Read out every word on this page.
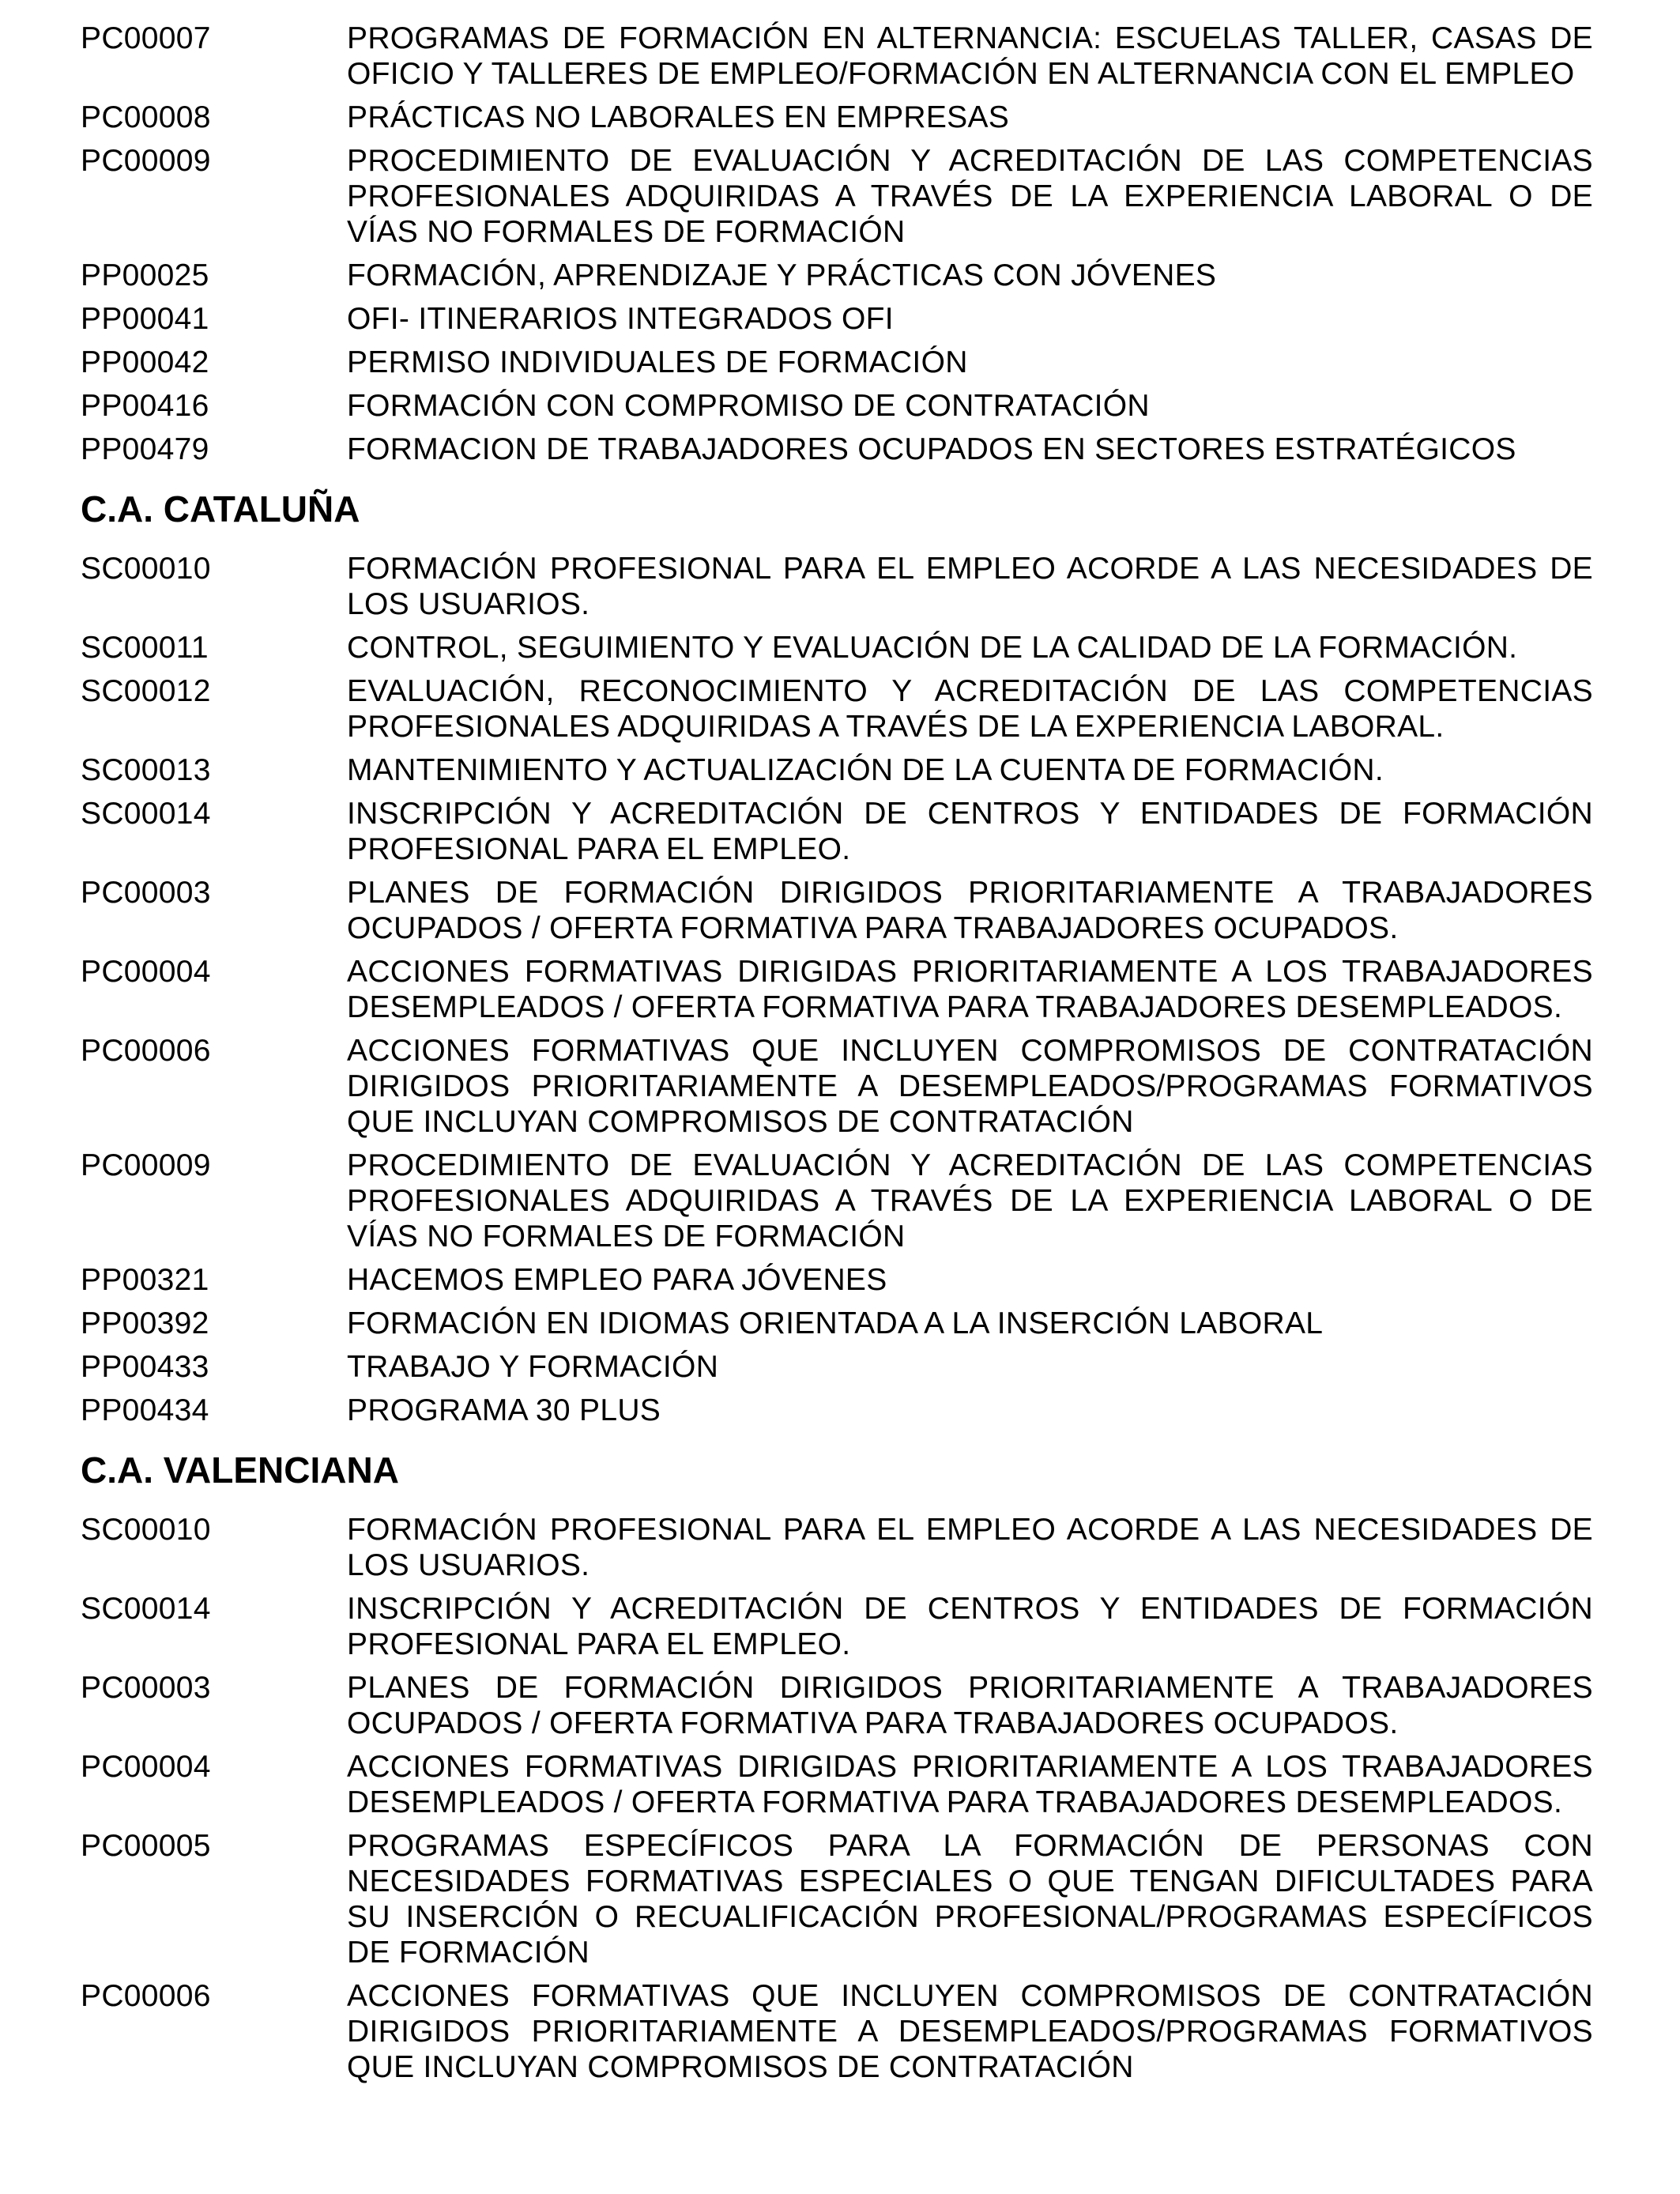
PC00007	PROGRAMAS DE FORMACIÓN EN ALTERNANCIA: ESCUELAS TALLER, CASAS DE OFICIO Y TALLERES DE EMPLEO/FORMACIÓN EN ALTERNANCIA CON EL EMPLEO
PC00008	PRÁCTICAS NO LABORALES EN EMPRESAS
PC00009	PROCEDIMIENTO DE EVALUACIÓN Y ACREDITACIÓN DE LAS COMPETENCIAS PROFESIONALES ADQUIRIDAS A TRAVÉS DE LA EXPERIENCIA LABORAL O DE VÍAS NO FORMALES DE FORMACIÓN
PP00025	FORMACIÓN, APRENDIZAJE Y PRÁCTICAS CON JÓVENES
PP00041	OFI- ITINERARIOS INTEGRADOS OFI
PP00042	PERMISO INDIVIDUALES DE FORMACIÓN
PP00416	FORMACIÓN CON COMPROMISO DE CONTRATACIÓN
PP00479	FORMACION DE TRABAJADORES OCUPADOS EN SECTORES ESTRATÉGICOS
C.A. CATALUÑA
SC00010	FORMACIÓN PROFESIONAL PARA EL EMPLEO ACORDE A LAS NECESIDADES DE LOS USUARIOS.
SC00011	CONTROL, SEGUIMIENTO Y EVALUACIÓN DE LA CALIDAD DE LA FORMACIÓN.
SC00012	EVALUACIÓN, RECONOCIMIENTO Y ACREDITACIÓN DE LAS COMPETENCIAS PROFESIONALES ADQUIRIDAS A TRAVÉS DE LA EXPERIENCIA LABORAL.
SC00013	MANTENIMIENTO Y ACTUALIZACIÓN DE LA CUENTA DE FORMACIÓN.
SC00014	INSCRIPCIÓN Y ACREDITACIÓN DE CENTROS Y ENTIDADES DE FORMACIÓN PROFESIONAL PARA EL EMPLEO.
PC00003	PLANES DE FORMACIÓN DIRIGIDOS PRIORITARIAMENTE A TRABAJADORES OCUPADOS / OFERTA FORMATIVA PARA TRABAJADORES OCUPADOS.
PC00004	ACCIONES FORMATIVAS DIRIGIDAS PRIORITARIAMENTE A LOS TRABAJADORES DESEMPLEADOS / OFERTA FORMATIVA PARA TRABAJADORES DESEMPLEADOS.
PC00006	ACCIONES FORMATIVAS QUE INCLUYEN COMPROMISOS DE CONTRATACIÓN DIRIGIDOS PRIORITARIAMENTE A DESEMPLEADOS/PROGRAMAS FORMATIVOS QUE INCLUYAN COMPROMISOS DE CONTRATACIÓN
PC00009	PROCEDIMIENTO DE EVALUACIÓN Y ACREDITACIÓN DE LAS COMPETENCIAS PROFESIONALES ADQUIRIDAS A TRAVÉS DE LA EXPERIENCIA LABORAL O DE VÍAS NO FORMALES DE FORMACIÓN
PP00321	HACEMOS EMPLEO PARA JÓVENES
PP00392	FORMACIÓN EN IDIOMAS ORIENTADA A LA INSERCIÓN LABORAL
PP00433	TRABAJO Y FORMACIÓN
PP00434	PROGRAMA 30 PLUS
C.A. VALENCIANA
SC00010	FORMACIÓN PROFESIONAL PARA EL EMPLEO ACORDE A LAS NECESIDADES DE LOS USUARIOS.
SC00014	INSCRIPCIÓN Y ACREDITACIÓN DE CENTROS Y ENTIDADES DE FORMACIÓN PROFESIONAL PARA EL EMPLEO.
PC00003	PLANES DE FORMACIÓN DIRIGIDOS PRIORITARIAMENTE A TRABAJADORES OCUPADOS / OFERTA FORMATIVA PARA TRABAJADORES OCUPADOS.
PC00004	ACCIONES FORMATIVAS DIRIGIDAS PRIORITARIAMENTE A LOS TRABAJADORES DESEMPLEADOS / OFERTA FORMATIVA PARA TRABAJADORES DESEMPLEADOS.
PC00005	PROGRAMAS ESPECÍFICOS PARA LA FORMACIÓN DE PERSONAS CON NECESIDADES FORMATIVAS ESPECIALES O QUE TENGAN DIFICULTADES PARA SU INSERCIÓN O RECUALIFICACIÓN PROFESIONAL/PROGRAMAS ESPECÍFICOS DE FORMACIÓN
PC00006	ACCIONES FORMATIVAS QUE INCLUYEN COMPROMISOS DE CONTRATACIÓN DIRIGIDOS PRIORITARIAMENTE A DESEMPLEADOS/PROGRAMAS FORMATIVOS QUE INCLUYAN COMPROMISOS DE CONTRATACIÓN
